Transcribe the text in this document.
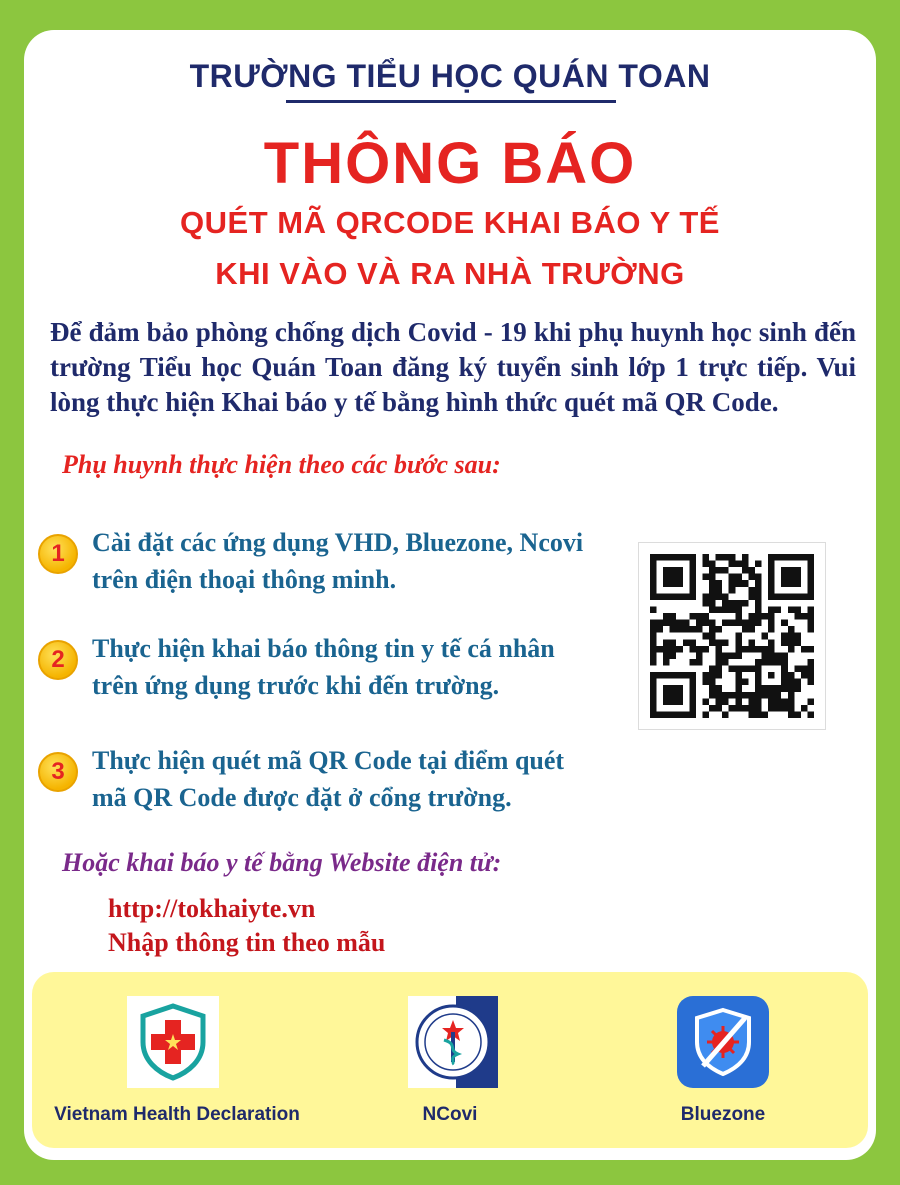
TRƯỜNG TIỂU HỌC QUÁN TOAN
THÔNG BÁO
QUÉT MÃ QRCODE KHAI BÁO Y TẾ
KHI VÀO VÀ RA NHÀ TRƯỜNG
Để đảm bảo phòng chống dịch Covid - 19 khi phụ huynh học sinh đến trường Tiểu học Quán Toan đăng ký tuyển sinh lớp 1 trực tiếp. Vui lòng thực hiện Khai báo y tế bằng hình thức quét mã QR Code.
Phụ huynh thực hiện theo các bước sau:
1	Cài đặt các ứng dụng VHD, Bluezone, Ncovi
trên điện thoại thông minh.
2	Thực hiện khai báo thông tin y tế cá nhân
trên ứng dụng trước khi đến trường.
3	Thực hiện quét mã QR Code tại điểm quét
mã QR Code được đặt ở cổng trường.
Hoặc khai báo y tế bằng Website điện tử:
http://tokhaiyte.vn
Nhập thông tin theo mẫu
Vietnam Health Declaration	NCovi	Bluezone
